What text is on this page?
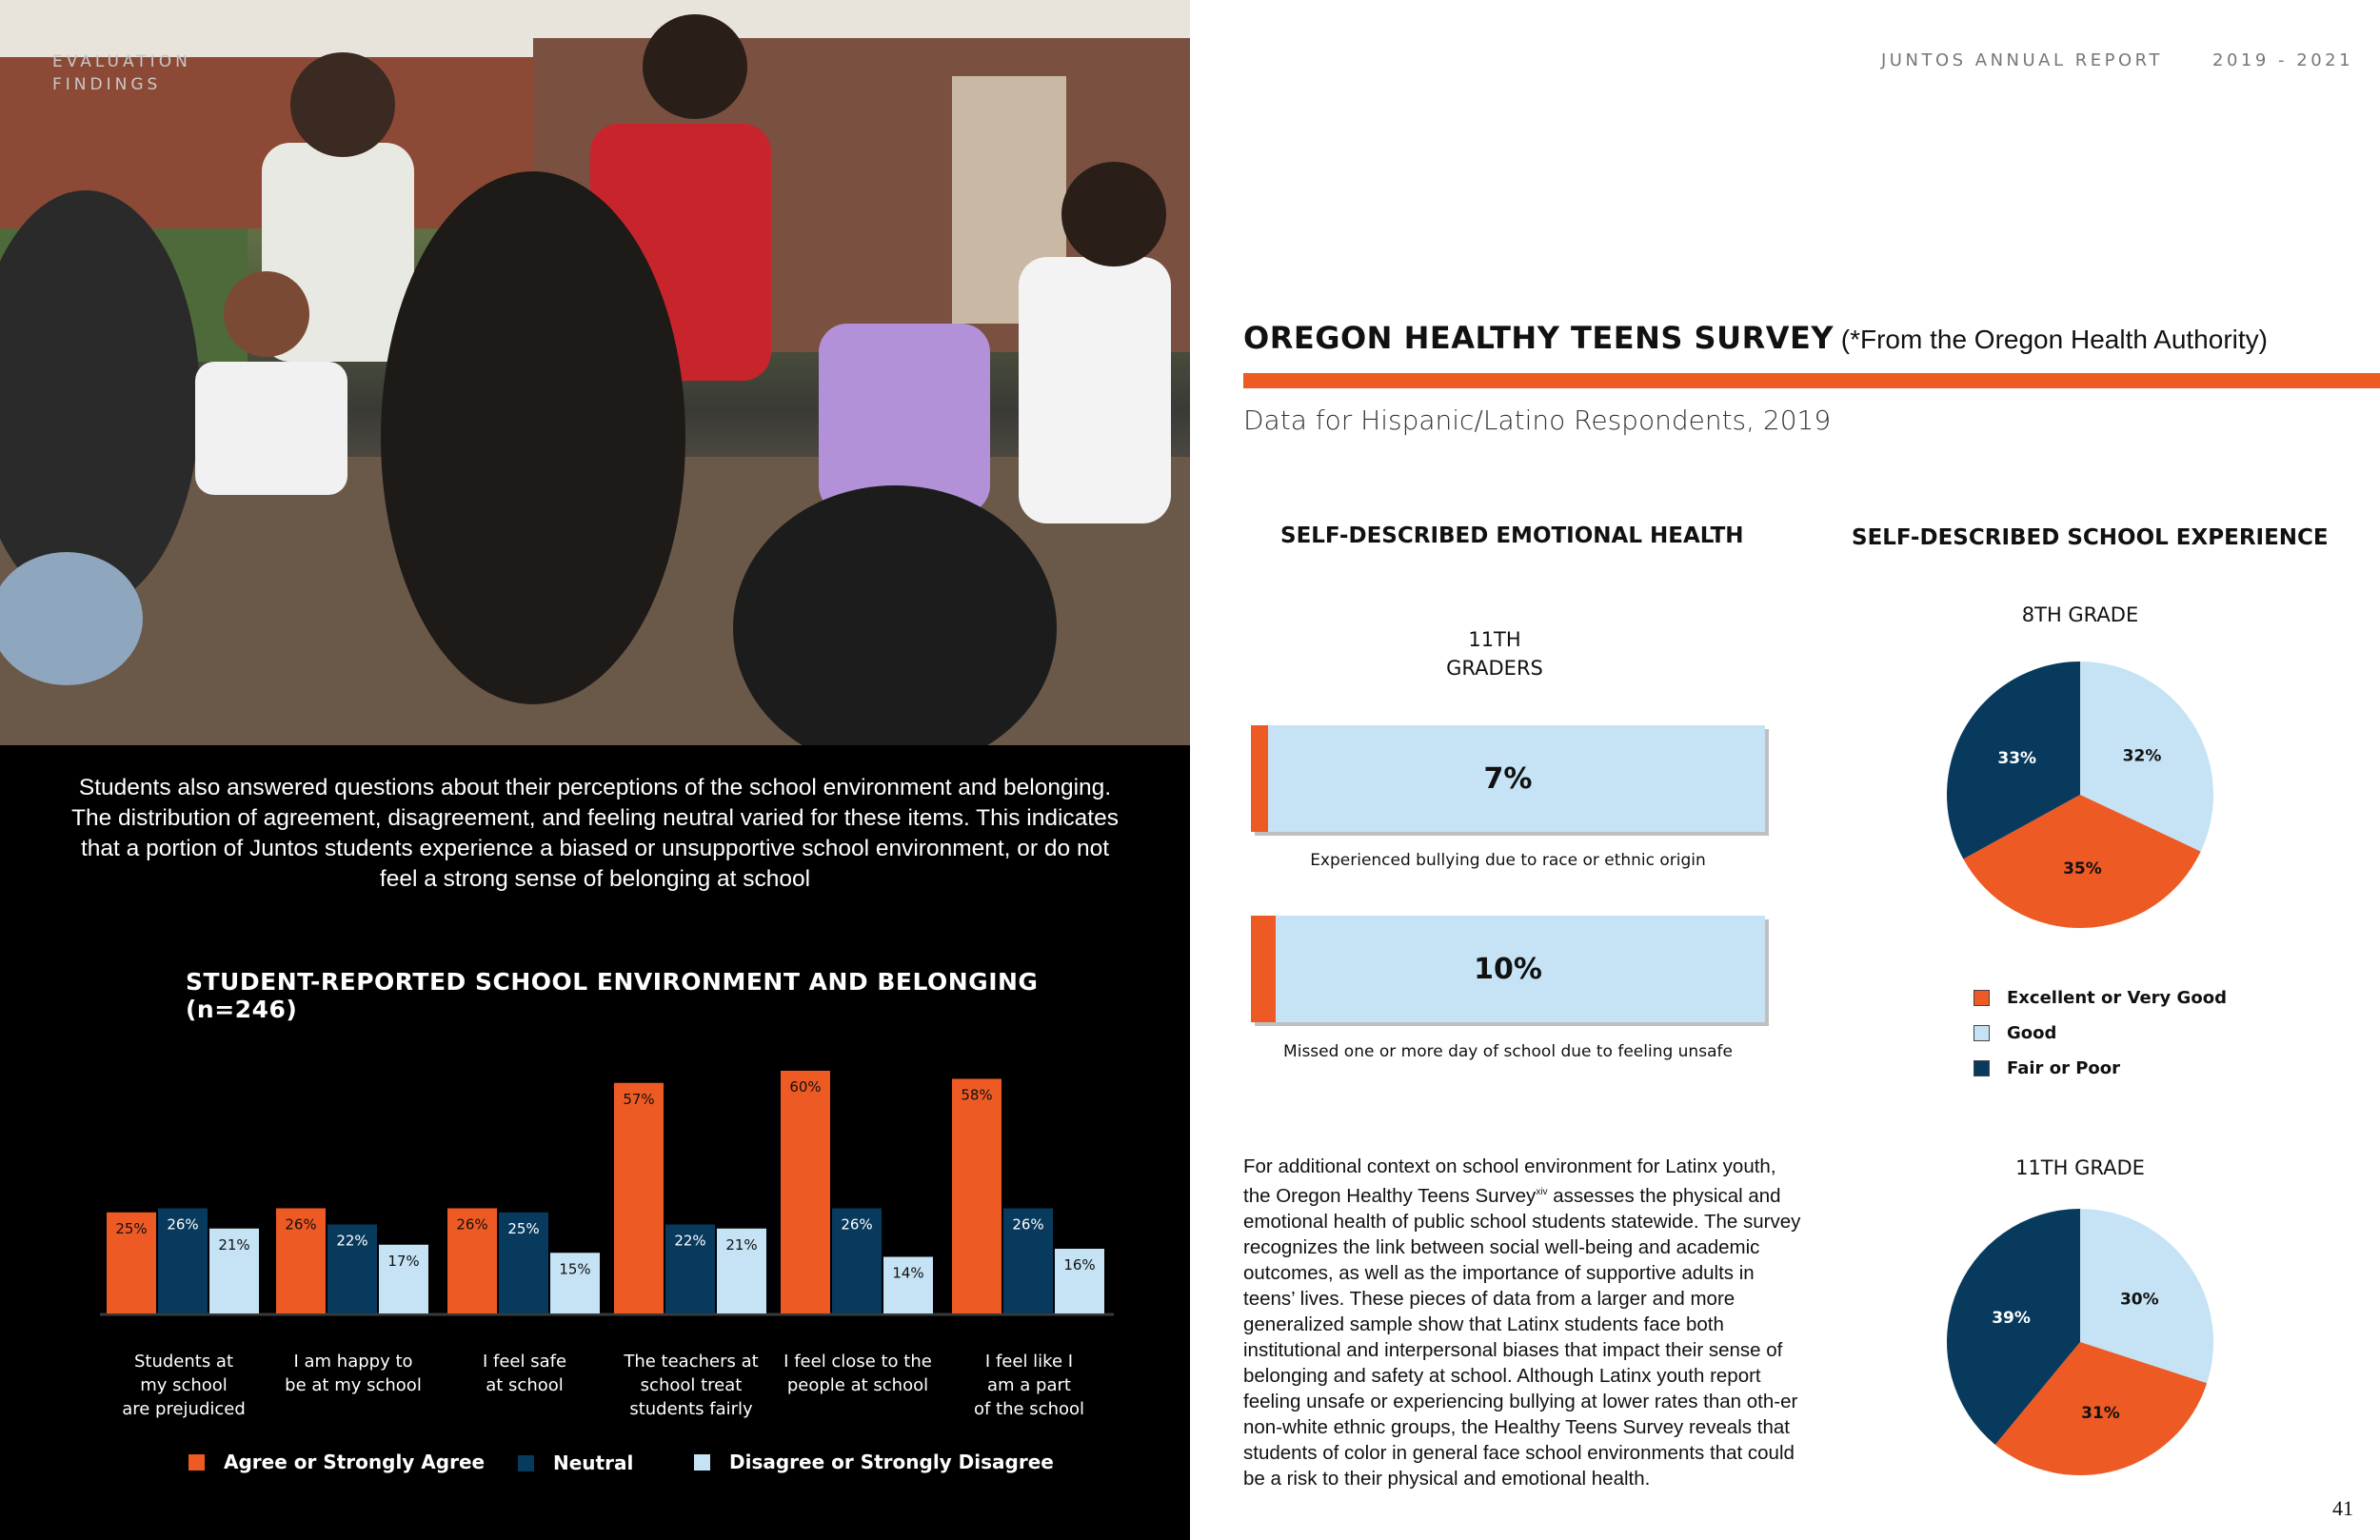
EVALUATION
FINDINGS
Students also answered questions about their perceptions of the school environment and belonging. The distribution of agreement, disagreement, and feeling neutral varied for these items. This indicates that a portion of Juntos students experience a biased or unsupportive school environment, or do not feel a strong sense of belonging at school
STUDENT-REPORTED SCHOOL ENVIRONMENT AND BELONGING (n=246)
25% 26%
21%
Students at
my school
are prejudiced
26%
22%
17%
I am happy to
be at my school
26% 25%
15%
I feel safe
at school
57%
22% 21%
The teachers at
school treat
students fairly
60%
26%
14%
I feel close to the
people at school
58%
26%
16%
I feel like I
am a part
of the school
Agree or Strongly Agree	Neutral	Disagree or Strongly Disagree
JUNTOS ANNUAL REPORT	2019 - 2021
OREGON HEALTHY TEENS SURVEY (*From the Oregon Health Authority)
Data for Hispanic/Latino Respondents, 2019
SELF-DESCRIBED EMOTIONAL HEALTH	SELF-DESCRIBED SCHOOL EXPERIENCE
11TH
GRADERS
7%
Experienced bullying due to race or ethnic origin
10%
Missed one or more day of school due to feeling unsafe
8TH GRADE
32%
35%
33%
Excellent or Very Good
Good
Fair or Poor
11TH GRADE
30%
31%
39%
For additional context on school environment for Latinx youth, the Oregon Healthy Teens Survey$^{xiv}$ assesses the physical and emotional health of public school students statewide. The survey recognizes the link between social well-being and academic outcomes, as well as the importance of supportive adults in teens’ lives. These pieces of data from a larger and more generalized sample show that Latinx students face both institutional and interpersonal biases that impact their sense of belonging and safety at school. Although Latinx youth report feeling unsafe or experiencing bullying at lower rates than oth-er non-white ethnic groups, the Healthy Teens Survey reveals that students of color in general face school environments that could be a risk to their physical and emotional health.
41
